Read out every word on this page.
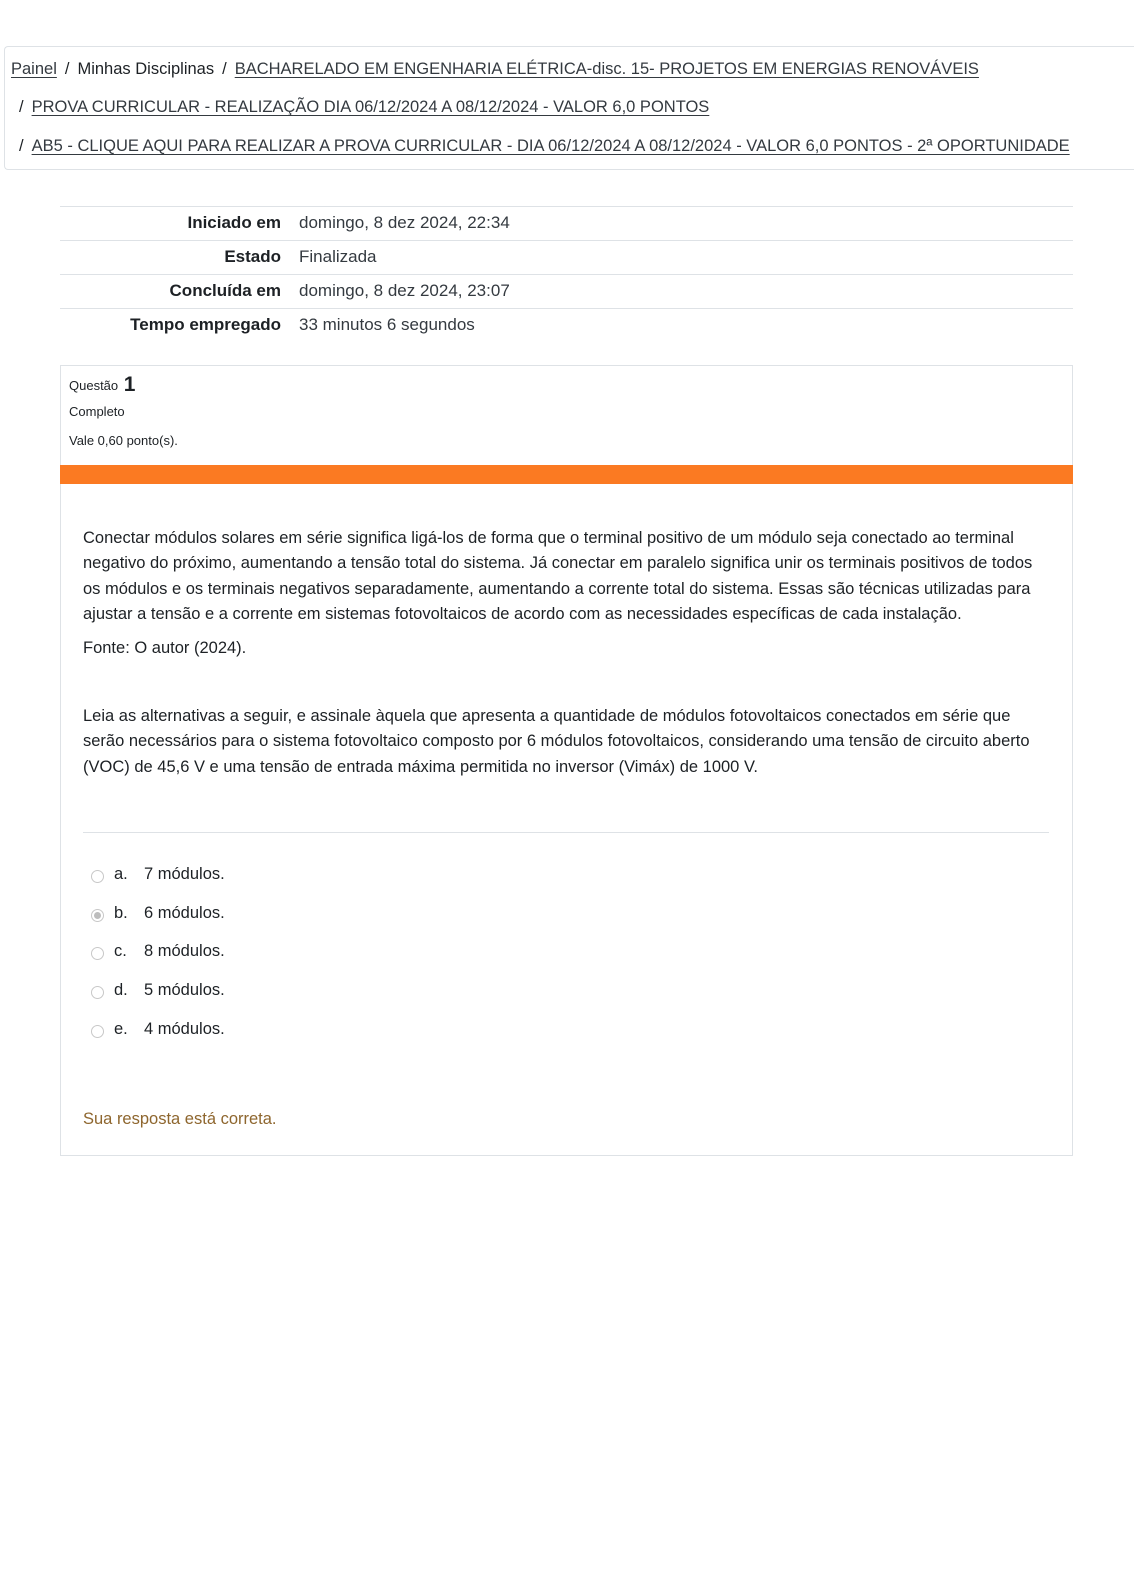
Painel / Minhas Disciplinas / BACHARELADO EM ENGENHARIA ELÉTRICA-disc. 15- PROJETOS EM ENERGIAS RENOVÁVEIS
/ PROVA CURRICULAR - REALIZAÇÃO DIA 06/12/2024 A 08/12/2024 - VALOR 6,0 PONTOS
/ AB5 - CLIQUE AQUI PARA REALIZAR A PROVA CURRICULAR - DIA 06/12/2024 A 08/12/2024 - VALOR 6,0 PONTOS - 2ª OPORTUNIDADE
Iniciado em	domingo, 8 dez 2024, 22:34
Estado	Finalizada
Concluída em	domingo, 8 dez 2024, 23:07
Tempo empregado	33 minutos 6 segundos
Questão 1
Completo
Vale 0,60 ponto(s).

Conectar módulos solares em série significa ligá-los de forma que o terminal positivo de um módulo seja conectado ao terminal negativo do próximo, aumentando a tensão total do sistema. Já conectar em paralelo significa unir os terminais positivos de todos os módulos e os terminais negativos separadamente, aumentando a corrente total do sistema. Essas são técnicas utilizadas para ajustar a tensão e a corrente em sistemas fotovoltaicos de acordo com as necessidades específicas de cada instalação.

Fonte: O autor (2024).

Leia as alternativas a seguir, e assinale àquela que apresenta a quantidade de módulos fotovoltaicos conectados em série que serão necessários para o sistema fotovoltaico composto por 6 módulos fotovoltaicos, considerando uma tensão de circuito aberto (VOC) de 45,6 V e uma tensão de entrada máxima permitida no inversor (Vimáx) de 1000 V.

a. 7 módulos.
b. 6 módulos.
c.	8 módulos.
d. 5 módulos.
e. 4 módulos.
Sua resposta está correta.
